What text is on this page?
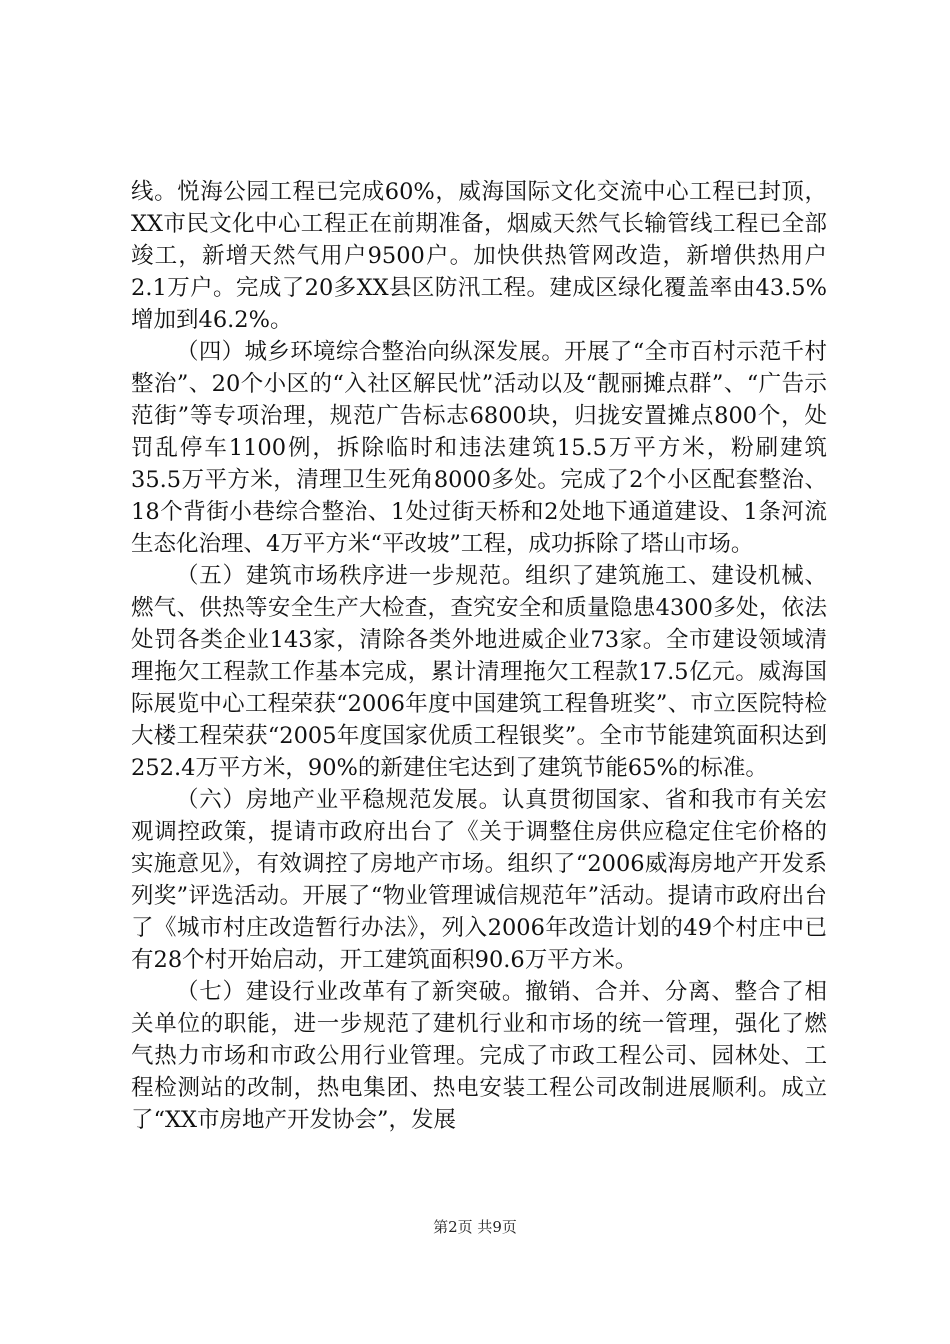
线。悦海公园工程已完成60%，威海国际文化交流中心工程已封顶，XX市民文化中心工程正在前期准备，烟威天然气长输管线工程已全部竣工，新增天然气用户9500户。加快供热管网改造，新增供热用户2.1万户。完成了20多XX县区防汛工程。建成区绿化覆盖率由43.5%增加到46.2%。

（四）城乡环境综合整治向纵深发展。开展了“全市百村示范千村整治”、20个小区的“入社区解民忧”活动以及“靓丽摊点群”、“广告示范街”等专项治理，规范广告标志6800块，归拢安置摊点800个，处罚乱停车1100例，拆除临时和违法建筑15.5万平方米，粉刷建筑35.5万平方米，清理卫生死角8000多处。完成了2个小区配套整治、18个背街小巷综合整治、1处过街天桥和2处地下通道建设、1条河流生态化治理、4万平方米“平改坡”工程，成功拆除了塔山市场。

（五）建筑市场秩序进一步规范。组织了建筑施工、建设机械、燃气、供热等安全生产大检查，查究安全和质量隐患4300多处，依法处罚各类企业143家，清除各类外地进威企业73家。全市建设领域清理拖欠工程款工作基本完成，累计清理拖欠工程款17.5亿元。威海国际展览中心工程荣获“2006年度中国建筑工程鲁班奖”、市立医院特检大楼工程荣获“2005年度国家优质工程银奖”。全市节能建筑面积达到252.4万平方米，90%的新建住宅达到了建筑节能65%的标准。

（六）房地产业平稳规范发展。认真贯彻国家、省和我市有关宏观调控政策，提请市政府出台了《关于调整住房供应稳定住宅价格的实施意见》，有效调控了房地产市场。组织了“2006威海房地产开发系列奖”评选活动。开展了“物业管理诚信规范年”活动。提请市政府出台了《城市村庄改造暂行办法》，列入2006年改造计划的49个村庄中已有28个村开始启动，开工建筑面积90.6万平方米。

（七）建设行业改革有了新突破。撤销、合并、分离、整合了相关单位的职能，进一步规范了建机行业和市场的统一管理，强化了燃气热力市场和市政公用行业管理。完成了市政工程公司、园林处、工程检测站的改制，热电集团、热电安装工程公司改制进展顺利。成立了“XX市房地产开发协会”，发展

第2页 共9页
